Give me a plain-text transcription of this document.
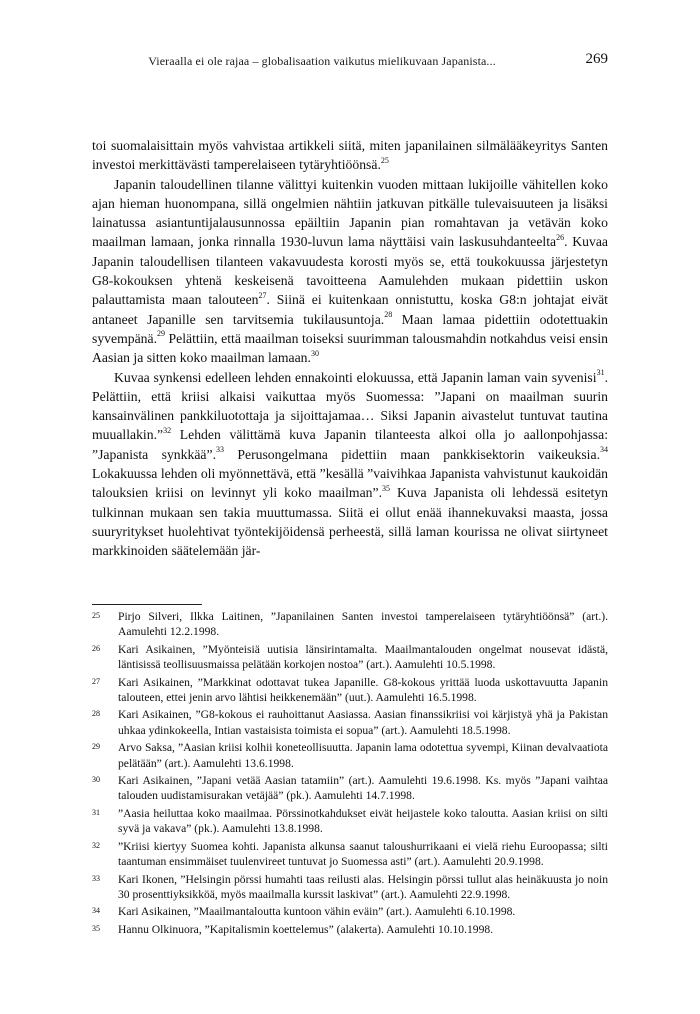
Vieraalla ei ole rajaa – globalisaation vaikutus mielikuvaan Japanista...	269

toi suomalaisittain myös vahvistaa artikkeli siitä, miten japanilainen silmälääkeyritys Santen investoi merkittävästi tamperelaiseen tytäryhtiöönsä.$^{25}$

Japanin taloudellinen tilanne välittyi kuitenkin vuoden mittaan lukijoille vähitellen koko ajan hieman huonompana, sillä ongelmien nähtiin jatkuvan pitkälle tulevaisuuteen ja lisäksi lainatussa asiantuntijalausunnossa epäiltiin Japanin pian romahtavan ja vetävän koko maailman lamaan, jonka rinnalla 1930-luvun lama näyttäisi vain laskusuhdanteelta$^{26}$. Kuvaa Japanin taloudellisen tilanteen vakavuudesta korosti myös se, että toukokuussa järjestetyn G8-kokouksen yhtenä keskeisenä tavoitteena Aamulehden mukaan pidettiin uskon palauttamista maan talouteen$^{27}$. Siinä ei kuitenkaan onnistuttu, koska G8:n johtajat eivät antaneet Japanille sen tarvitsemia tukilausuntoja.$^{28}$ Maan lamaa pidettiin odotettuakin syvempänä.$^{29}$ Pelättiin, että maailman toiseksi suurimman talousmahdin notkahdus veisi ensin Aasian ja sitten koko maailman lamaan.$^{30}$

Kuvaa synkensi edelleen lehden ennakointi elokuussa, että Japanin laman vain syvenisi$^{31}$. Pelättiin, että kriisi alkaisi vaikuttaa myös Suomessa: ”Japani on maailman suurin kansainvälinen pankkiluotottaja ja sijoittajamaa… Siksi Japanin aivastelut tuntuvat tautina muuallakin.”$^{32}$ Lehden välittämä kuva Japanin tilanteesta alkoi olla jo aallonpohjassa: ”Japanista synkkää”.$^{33}$ Perusongelmana pidettiin maan pankkisektorin vaikeuksia.$^{34}$ Lokakuussa lehden oli myönnettävä, että ”kesällä ”vaivihkaa Japanista vahvistunut kaukoidän talouksien kriisi on levinnyt yli koko maailman”.$^{35}$ Kuva Japanista oli lehdessä esitetyn tulkinnan mukaan sen takia muuttumassa. Siitä ei ollut enää ihannekuvaksi maasta, jossa suuryritykset huolehtivat työntekijöidensä perheestä, sillä laman kourissa ne olivat siirtyneet markkinoiden säätelemään jär-

25	Pirjo Silveri, Ilkka Laitinen, ”Japanilainen Santen investoi tamperelaiseen tytäryhtiöönsä” (art.). Aamulehti 12.2.1998.
26	Kari Asikainen, ”Myönteisiä uutisia länsirintamalta. Maailmantalouden ongelmat nousevat idästä, läntisissä teollisuusmaissa pelätään korkojen nostoa” (art.). Aamulehti 10.5.1998.
27	Kari Asikainen, ”Markkinat odottavat tukea Japanille. G8-kokous yrittää luoda uskottavuutta Japanin talouteen, ettei jenin arvo lähtisi heikkenemään” (uut.). Aamulehti 16.5.1998.
28	Kari Asikainen, ”G8-kokous ei rauhoittanut Aasiassa. Aasian finanssikriisi voi kärjistyä yhä ja Pakistan uhkaa ydinkokeella, Intian vastaisista toimista ei sopua” (art.). Aamulehti 18.5.1998.
29	Arvo Saksa, ”Aasian kriisi kolhii koneteollisuutta. Japanin lama odotettua syvempi, Kiinan devalvaatiota pelätään” (art.). Aamulehti 13.6.1998.
30	Kari Asikainen, ”Japani vetää Aasian tatamiin” (art.). Aamulehti 19.6.1998. Ks. myös ”Japani vaihtaa talouden uudistamisurakan vetäjää” (pk.). Aamulehti 14.7.1998.
31	”Aasia heiluttaa koko maailmaa. Pörssinotkahdukset eivät heijastele koko taloutta. Aasian kriisi on silti syvä ja vakava” (pk.). Aamulehti 13.8.1998.
32	”Kriisi kiertyy Suomea kohti. Japanista alkunsa saanut taloushurrikaani ei vielä riehu Euroopassa; silti taantuman ensimmäiset tuulenvireet tuntuvat jo Suomessa asti” (art.). Aamulehti 20.9.1998.
33	Kari Ikonen, ”Helsingin pörssi humahti taas reilusti alas. Helsingin pörssi tullut alas heinäkuusta jo noin 30 prosenttiyksikköä, myös maailmalla kurssit laskivat” (art.). Aamulehti 22.9.1998.
34	Kari Asikainen, ”Maailmantaloutta kuntoon vähin eväin” (art.). Aamulehti 6.10.1998.
35	Hannu Olkinuora, ”Kapitalismin koettelemus” (alakerta). Aamulehti 10.10.1998.
